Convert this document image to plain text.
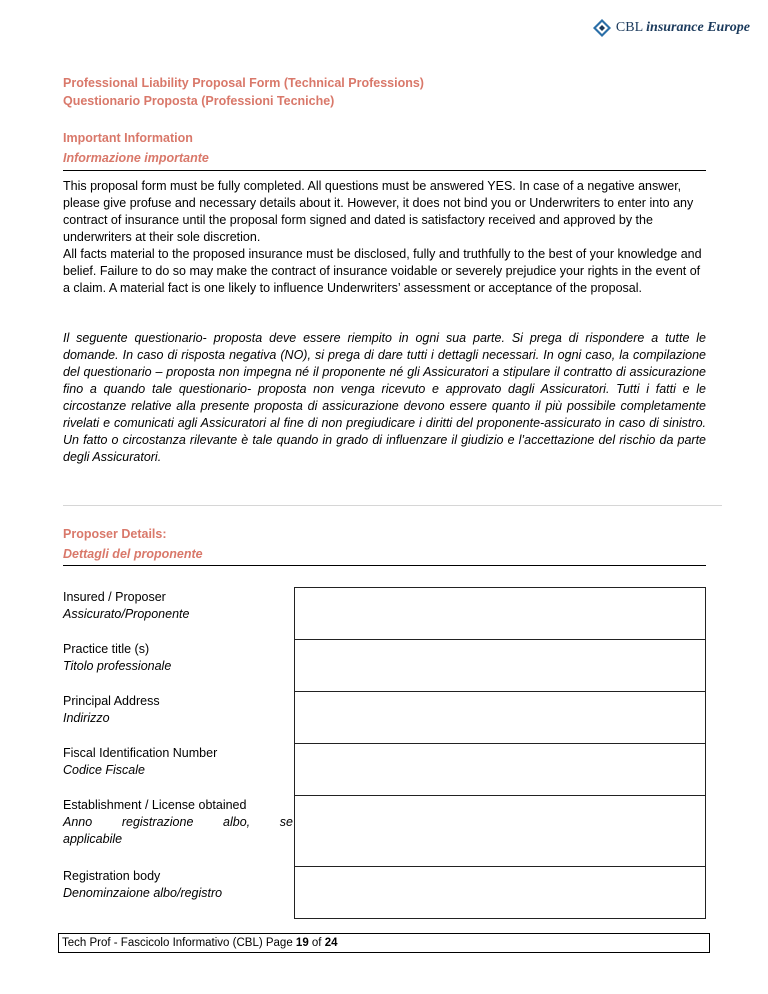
CBL insurance Europe
Professional Liability Proposal Form (Technical Professions)
Questionario Proposta (Professioni Tecniche)
Important Information
Informazione importante

This proposal form must be fully completed. All questions must be answered YES. In case of a negative answer, please give profuse and necessary details about it. However, it does not bind you or Underwriters to enter into any contract of insurance until the proposal form signed and dated is satisfactory received and approved by the underwriters at their sole discretion.

All facts material to the proposed insurance must be disclosed, fully and truthfully to the best of your knowledge and belief. Failure to do so may make the contract of insurance voidable or severely prejudice your rights in the event of a claim. A material fact is one likely to influence Underwriters’ assessment or acceptance of the proposal.

Il seguente questionario- proposta deve essere riempito in ogni sua parte. Si prega di rispondere a tutte le domande. In caso di risposta negativa (NO), si prega di dare tutti i dettagli necessari. In ogni caso, la compilazione del questionario – proposta non impegna né il proponente né gli Assicuratori a stipulare il contratto di assicurazione fino a quando tale questionario- proposta non venga ricevuto e approvato dagli Assicuratori. Tutti i fatti e le circostanze relative alla presente proposta di assicurazione devono essere quanto il più possibile completamente rivelati e comunicati agli Assicuratori al fine di non pregiudicare i diritti del proponente-assicurato in caso di sinistro. Un fatto o circostanza rilevante è tale quando in grado di influenzare il giudizio e l’accettazione del rischio da parte degli Assicuratori.

Proposer Details:
Dettagli del proponente
Insured / Proposer
Assicurato/Proponente
Practice title (s)
Titolo professionale
Principal Address
Indirizzo
Fiscal Identification Number
Codice Fiscale
Establishment / License obtained
Anno registrazione albo, se
applicabile
Registration body
Denominzaione albo/registro
Tech Prof - Fascicolo Informativo (CBL) Page 19 of 24
